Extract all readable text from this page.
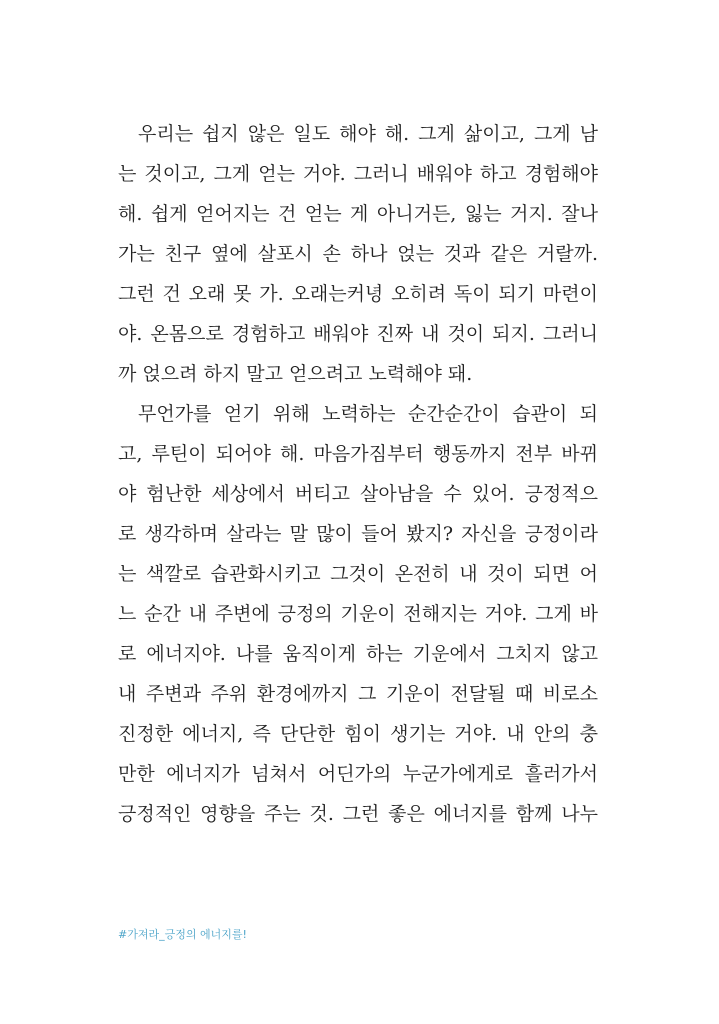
우리는 쉽지 않은 일도 해야 해. 그게 삶이고, 그게 남
는 것이고, 그게 얻는 거야. 그러니 배워야 하고 경험해야
해. 쉽게 얻어지는 건 얻는 게 아니거든, 잃는 거지. 잘나
가는 친구 옆에 살포시 손 하나 얹는 것과 같은 거랄까.
그런 건 오래 못 가. 오래는커녕 오히려 독이 되기 마련이
야. 온몸으로 경험하고 배워야 진짜 내 것이 되지. 그러니
까 얹으려 하지 말고 얻으려고 노력해야 돼.
무언가를 얻기 위해 노력하는 순간순간이 습관이 되
고, 루틴이 되어야 해. 마음가짐부터 행동까지 전부 바뀌
야 험난한 세상에서 버티고 살아남을 수 있어. 긍정적으
로 생각하며 살라는 말 많이 들어 봤지? 자신을 긍정이라
는 색깔로 습관화시키고 그것이 온전히 내 것이 되면 어
느 순간 내 주변에 긍정의 기운이 전해지는 거야. 그게 바
로 에너지야. 나를 움직이게 하는 기운에서 그치지 않고
내 주변과 주위 환경에까지 그 기운이 전달될 때 비로소
진정한 에너지, 즉 단단한 힘이 생기는 거야. 내 안의 충
만한 에너지가 넘쳐서 어딘가의 누군가에게로 흘러가서
긍정적인 영향을 주는 것. 그런 좋은 에너지를 함께 나누
#가져라_긍정의 에너지를!
